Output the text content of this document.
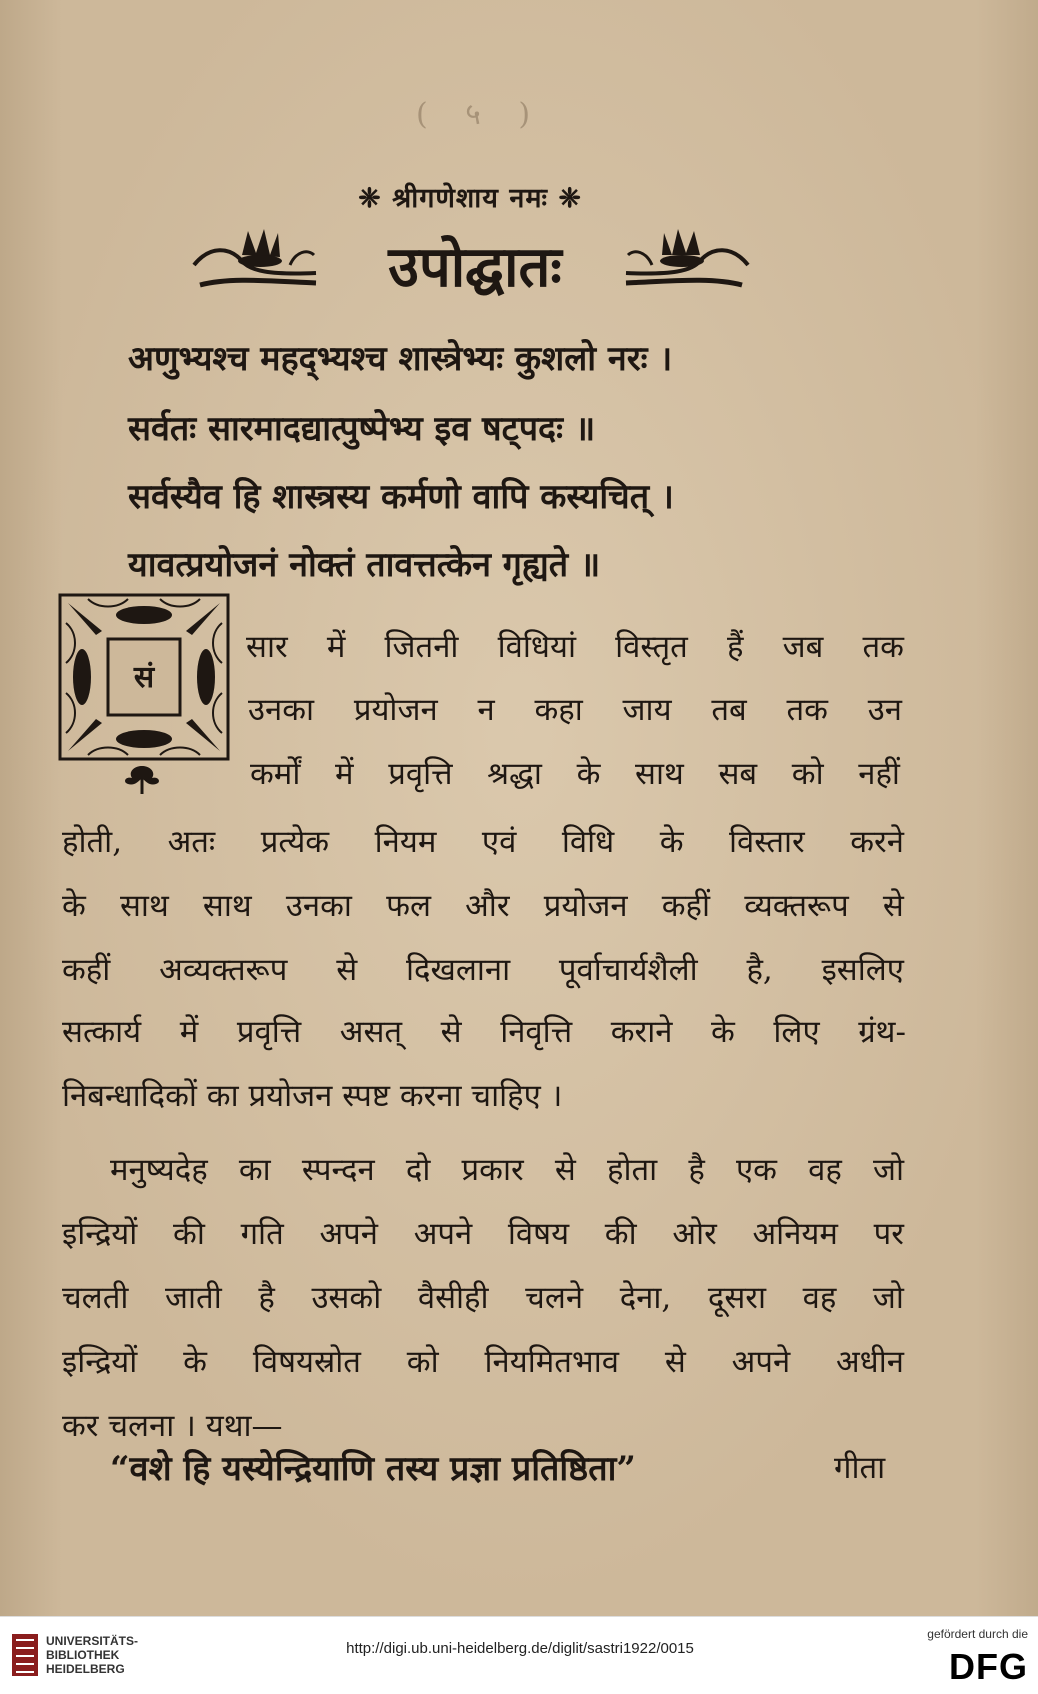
( ५ )
❈ श्रीगणेशाय नमः ❈
उपोद्घातः
अणुभ्यश्च महद्भ्यश्च शास्त्रेभ्यः कुशलो नरः ।
सर्वतः सारमादद्यात्पुष्पेभ्य इव षट्पदः ॥
सर्वस्यैव हि शास्त्रस्य कर्मणो वापि कस्यचित् ।
यावत्प्रयोजनं नोक्तं तावत्तत्केन गृह्यते ॥
सं
सार में जितनी विधियां विस्तृत हैं जब तक
उनका प्रयोजन न कहा जाय तब तक उन
कर्मों में प्रवृत्ति श्रद्धा के साथ सब को नहीं
होती, अतः प्रत्येक नियम एवं विधि के विस्तार करने
के साथ साथ उनका फल और प्रयोजन कहीं व्यक्तरूप से
कहीं अव्यक्तरूप से दिखलाना पूर्वाचार्यशैली है, इसलिए
सत्कार्य में प्रवृत्ति असत् से निवृत्ति कराने के लिए ग्रंथ-
निबन्धादिकों का प्रयोजन स्पष्ट करना चाहिए ।
मनुष्यदेह का स्पन्दन दो प्रकार से होता है एक वह जो
इन्द्रियों की गति अपने अपने विषय की ओर अनियम पर
चलती जाती है उसको वैसीही चलने देना, दूसरा वह जो
इन्द्रियों के विषयस्रोत को नियमितभाव से अपने अधीन
कर चलना । यथा—
“वशे हि यस्येन्द्रियाणि तस्य प्रज्ञा प्रतिष्ठिता”	गीता
UNIVERSITÄTS-
BIBLIOTHEK
HEIDELBERG
http://digi.ub.uni-heidelberg.de/diglit/sastri1922/0015
gefördert durch die
DFG
